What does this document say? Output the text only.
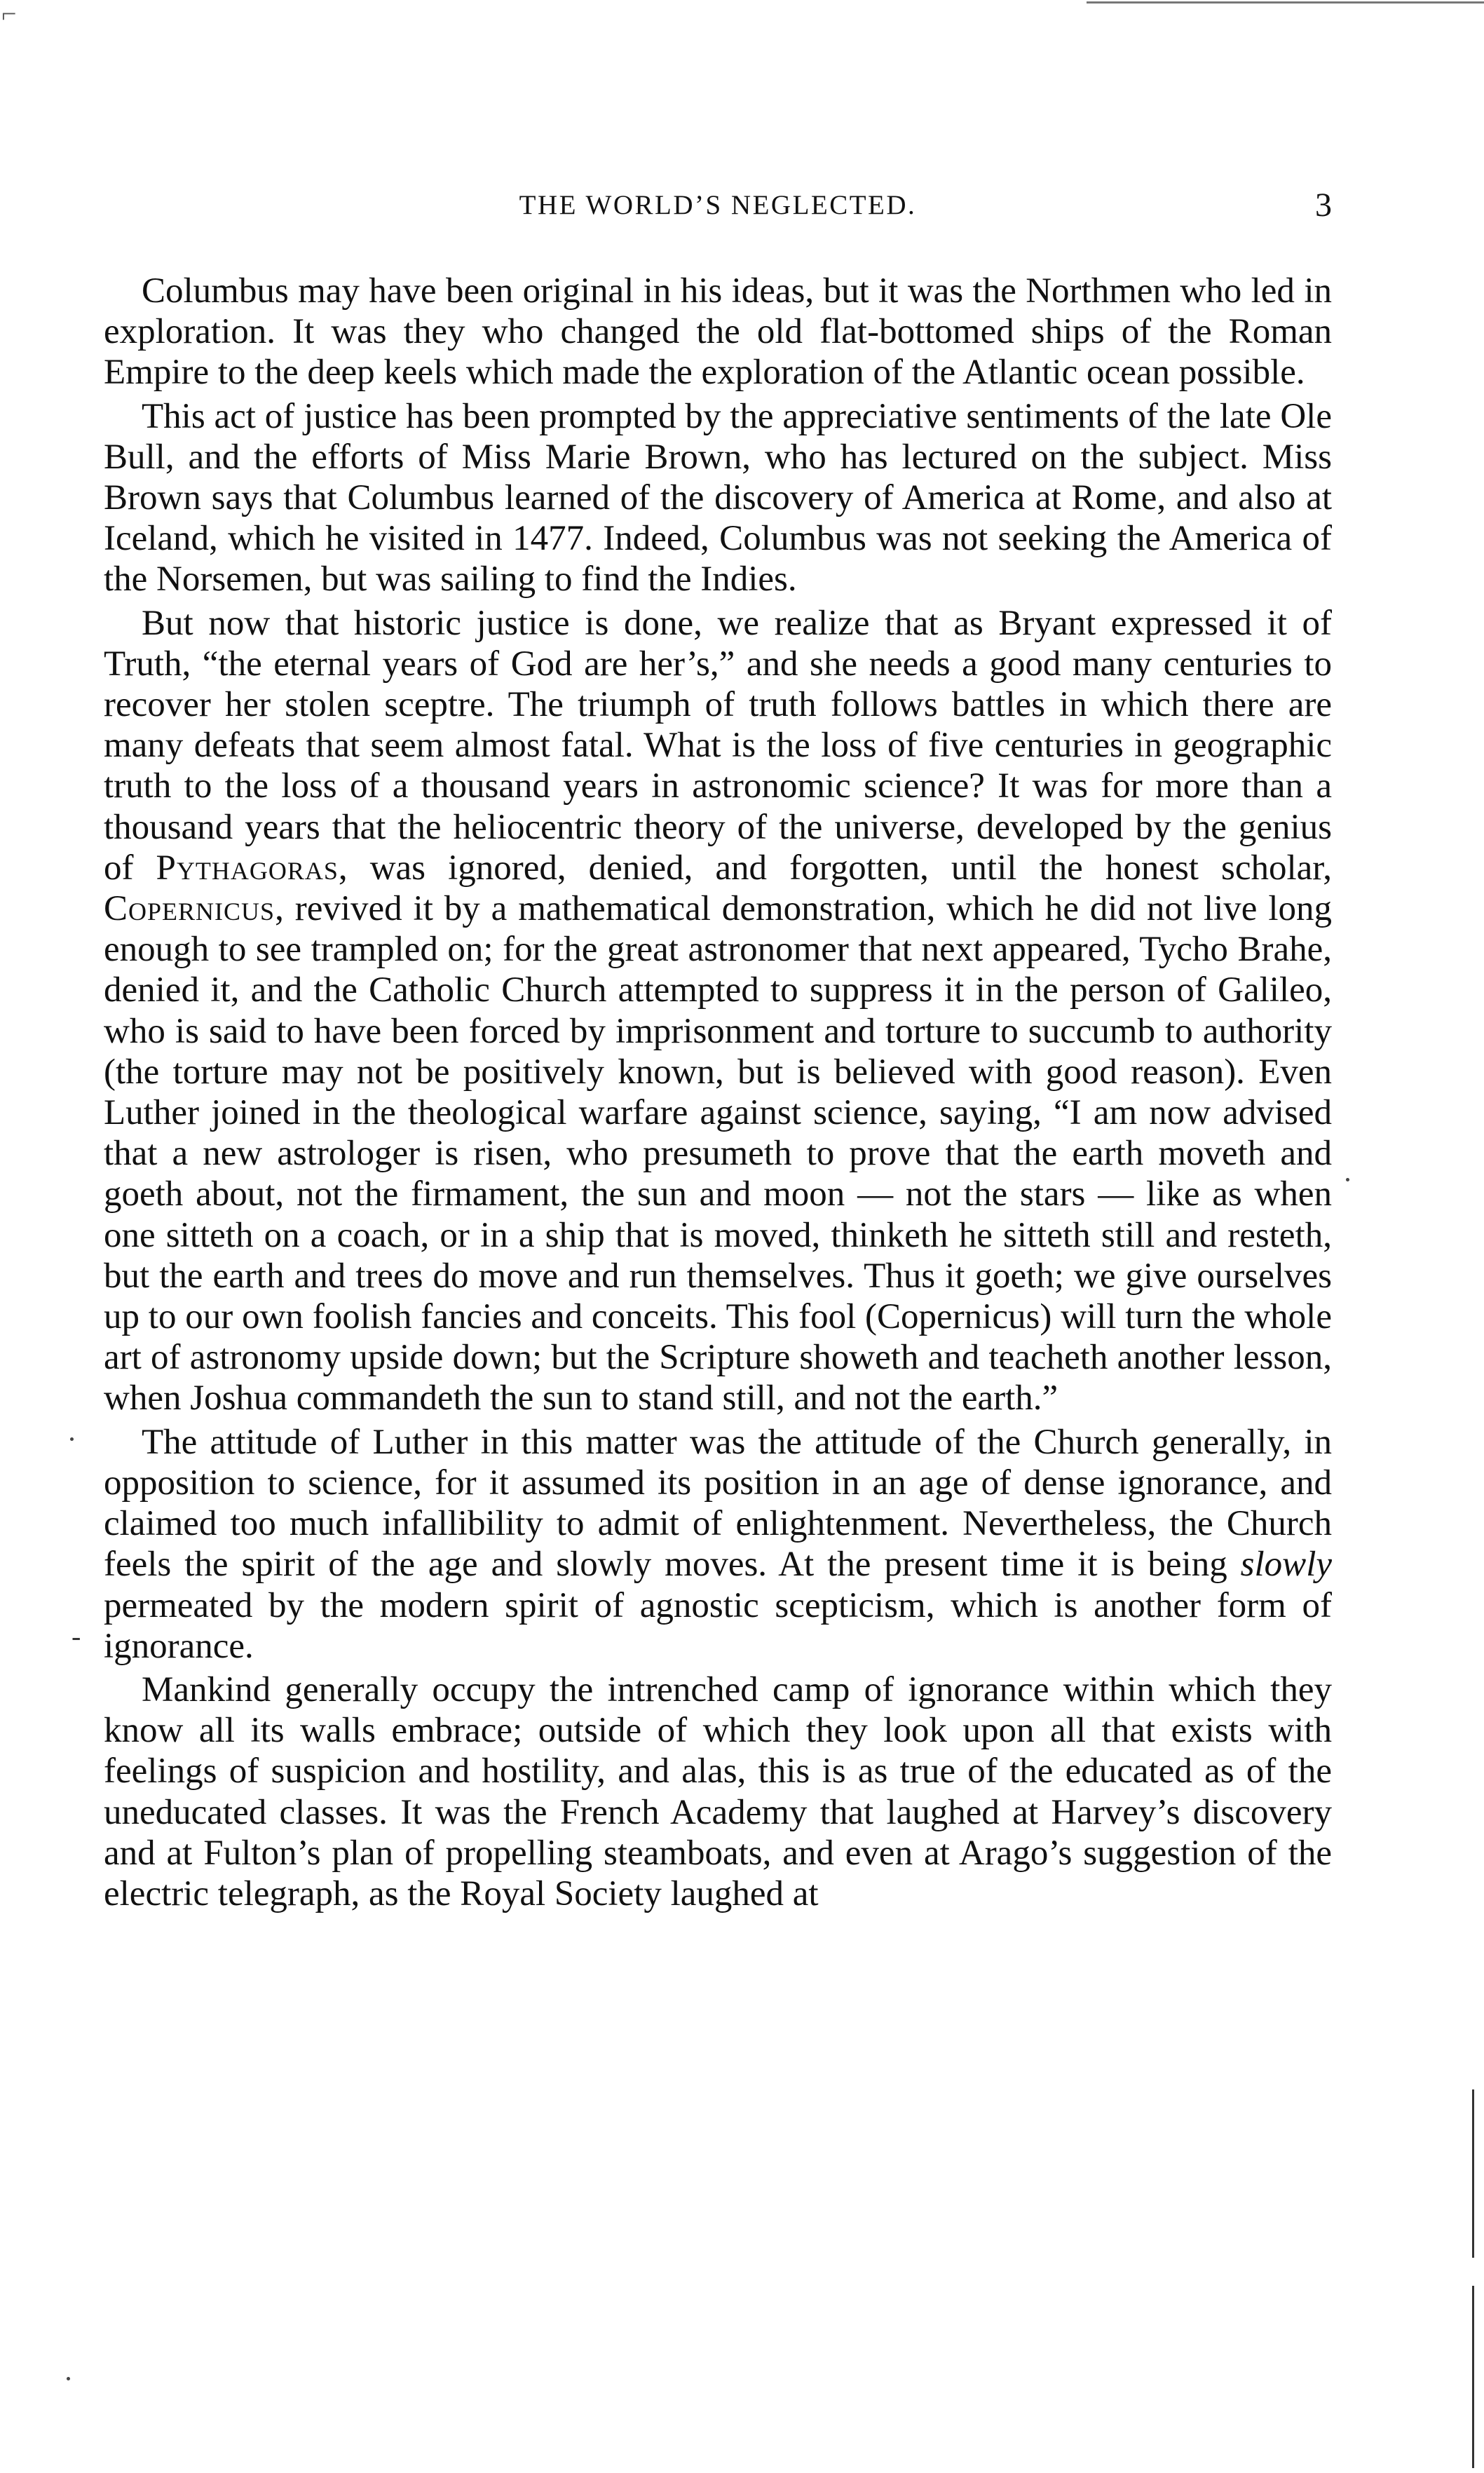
⌐
THE WORLD’S NEGLECTED.	3

Columbus may have been original in his ideas, but it was the Northmen who led in exploration. It was they who changed the old flat-bottomed ships of the Roman Empire to the deep keels which made the exploration of the Atlantic ocean possible.

This act of justice has been prompted by the appreciative sentiments of the late Ole Bull, and the efforts of Miss Marie Brown, who has lectured on the subject. Miss Brown says that Columbus learned of the discovery of America at Rome, and also at Iceland, which he visited in 1477. Indeed, Columbus was not seeking the America of the Norsemen, but was sailing to find the Indies.

But now that historic justice is done, we realize that as Bryant expressed it of Truth, “the eternal years of God are her’s,” and she needs a good many centuries to recover her stolen sceptre. The triumph of truth follows battles in which there are many defeats that seem almost fatal. What is the loss of five centuries in geographic truth to the loss of a thousand years in astronomic science? It was for more than a thousand years that the heliocentric theory of the universe, developed by the genius of Pythagoras, was ignored, denied, and forgotten, until the honest scholar, Copernicus, revived it by a mathematical demonstration, which he did not live long enough to see trampled on; for the great astronomer that next appeared, Tycho Brahe, denied it, and the Catholic Church attempted to suppress it in the person of Galileo, who is said to have been forced by imprisonment and torture to succumb to authority (the torture may not be positively known, but is believed with good reason). Even Luther joined in the theological warfare against science, saying, “I am now advised that a new astrologer is risen, who presumeth to prove that the earth moveth and goeth about, not the firmament, the sun and moon — not the stars — like as when one sitteth on a coach, or in a ship that is moved, thinketh he sitteth still and resteth, but the earth and trees do move and run themselves. Thus it goeth; we give ourselves up to our own foolish fancies and conceits. This fool (Copernicus) will turn the whole art of astronomy upside down; but the Scripture showeth and teacheth another lesson, when Joshua commandeth the sun to stand still, and not the earth.”

The attitude of Luther in this matter was the attitude of the Church generally, in opposition to science, for it assumed its position in an age of dense ignorance, and claimed too much infallibility to admit of enlightenment. Nevertheless, the Church feels the spirit of the age and slowly moves. At the present time it is being slowly permeated by the modern spirit of agnostic scepticism, which is another form of ignorance.

Mankind generally occupy the intrenched camp of ignorance within which they know all its walls embrace; outside of which they look upon all that exists with feelings of suspicion and hostility, and alas, this is as true of the educated as of the uneducated classes. It was the French Academy that laughed at Harvey’s discovery and at Fulton’s plan of propelling steamboats, and even at Arago’s suggestion of the electric telegraph, as the Royal Society laughed at

-
